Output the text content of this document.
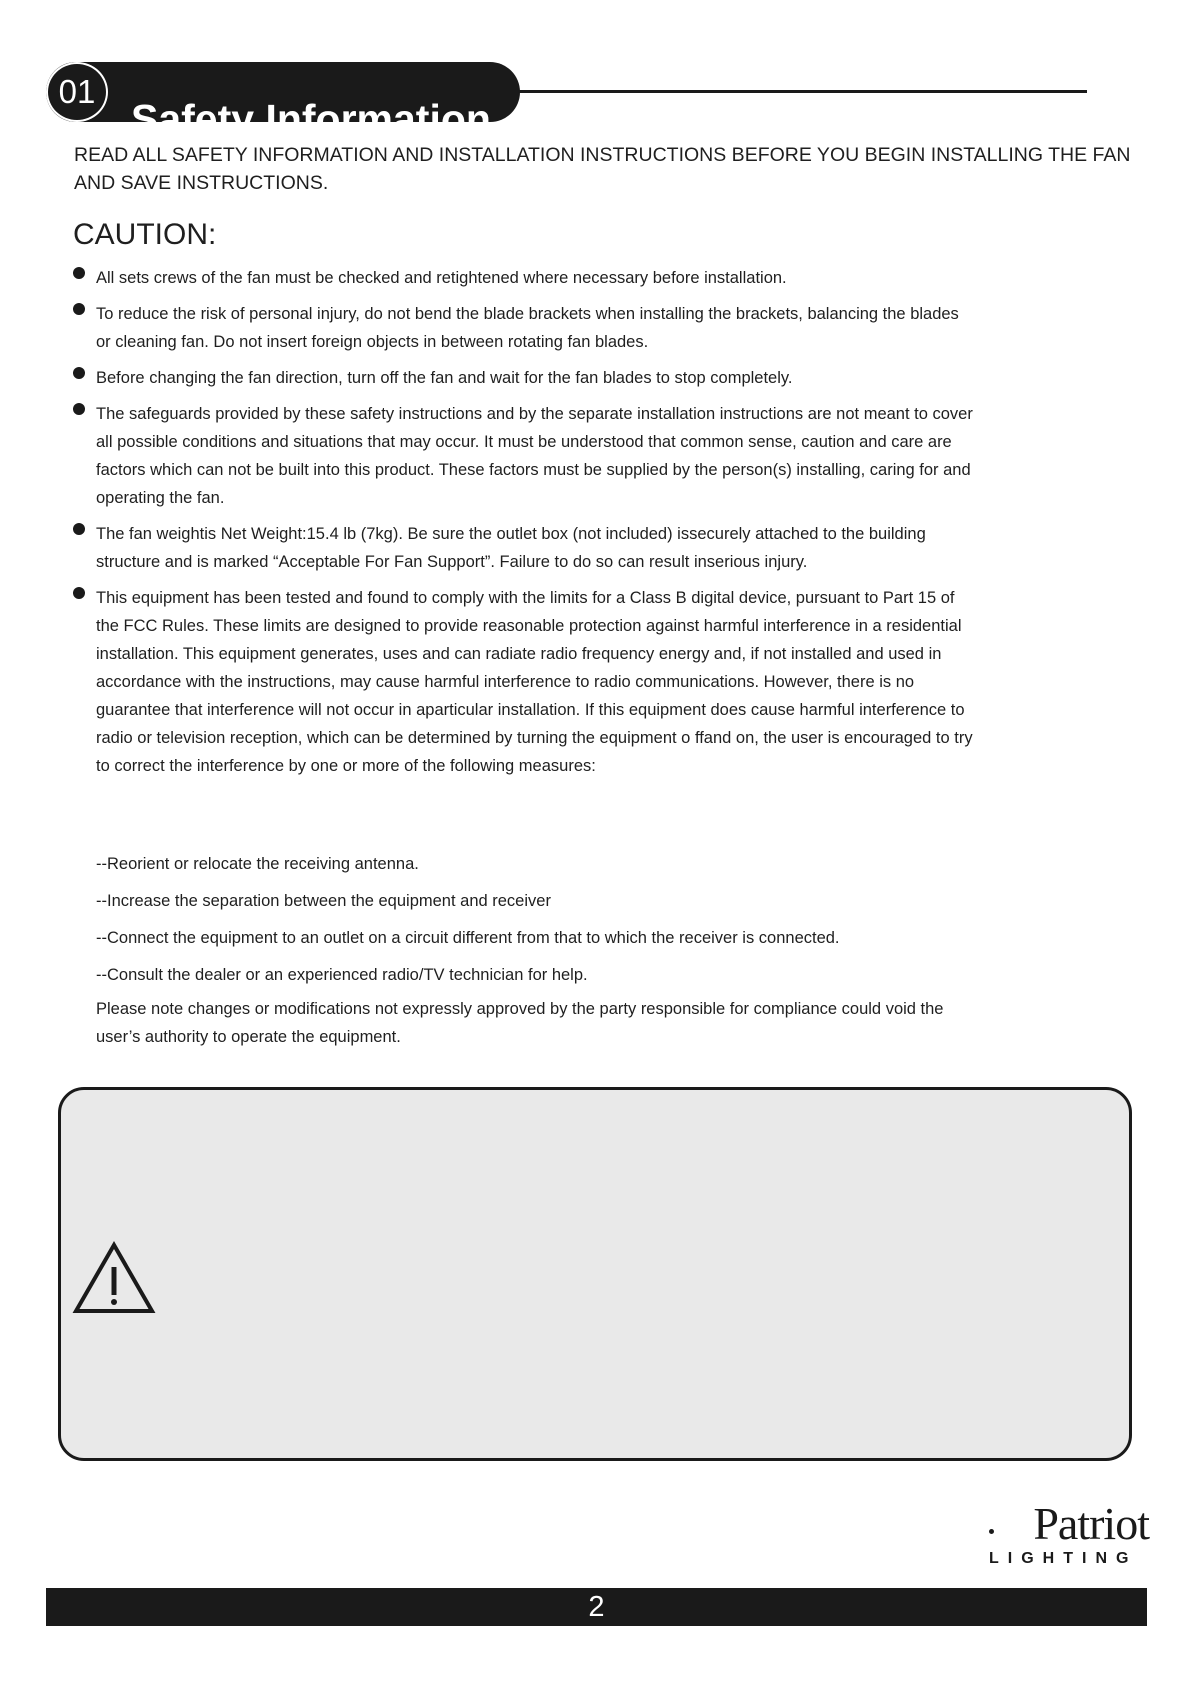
01
Safety Information

READ ALL SAFETY INFORMATION AND INSTALLATION INSTRUCTIONS BEFORE YOU BEGIN INSTALLING THE FAN AND SAVE INSTRUCTIONS.

CAUTION:
All sets crews of the fan must be checked and retightened where necessary before installation.
To reduce the risk of personal injury, do not bend the blade brackets when installing the brackets, balancing the blades or cleaning fan. Do not insert foreign objects in between rotating fan blades.
Before changing the fan direction, turn off the fan and wait for the fan blades to stop completely.
The safeguards provided by these safety instructions and by the separate installation instructions are not meant to cover all possible conditions and situations that may occur. It must be understood that common sense, caution and care are factors which can not be built into this product. These factors must be supplied by the person(s) installing, caring for and operating the fan.
The fan weightis Net Weight:15.4 lb (7kg). Be sure the outlet box (not included) issecurely attached to the building structure and is marked “Acceptable For Fan Support”. Failure to do so can result inserious injury.
This equipment has been tested and found to comply with the limits for a Class B digital device, pursuant to Part 15 of the FCC Rules. These limits are designed to provide reasonable protection against harmful interference in a residential installation. This equipment generates, uses and can radiate radio frequency energy and, if not installed and used in accordance with the instructions, may cause harmful interference to radio communications. However, there is no guarantee that interference will not occur in aparticular installation. If this equipment does cause harmful interference to radio or television reception, which can be determined by turning the equipment o ffand on, the user is encouraged to try to correct the interference by one or more of the following measures:
--Reorient or relocate the receiving antenna.
--Increase the separation between the equipment and receiver
--Connect the equipment to an outlet on a circuit different from that to which the receiver is connected.
--Consult the dealer or an experienced radio/TV technician for help.

Please note changes or modifications not expressly approved by the party responsible for compliance could void the user’s authority to operate the equipment.

Patriot
LIGHTING
2
